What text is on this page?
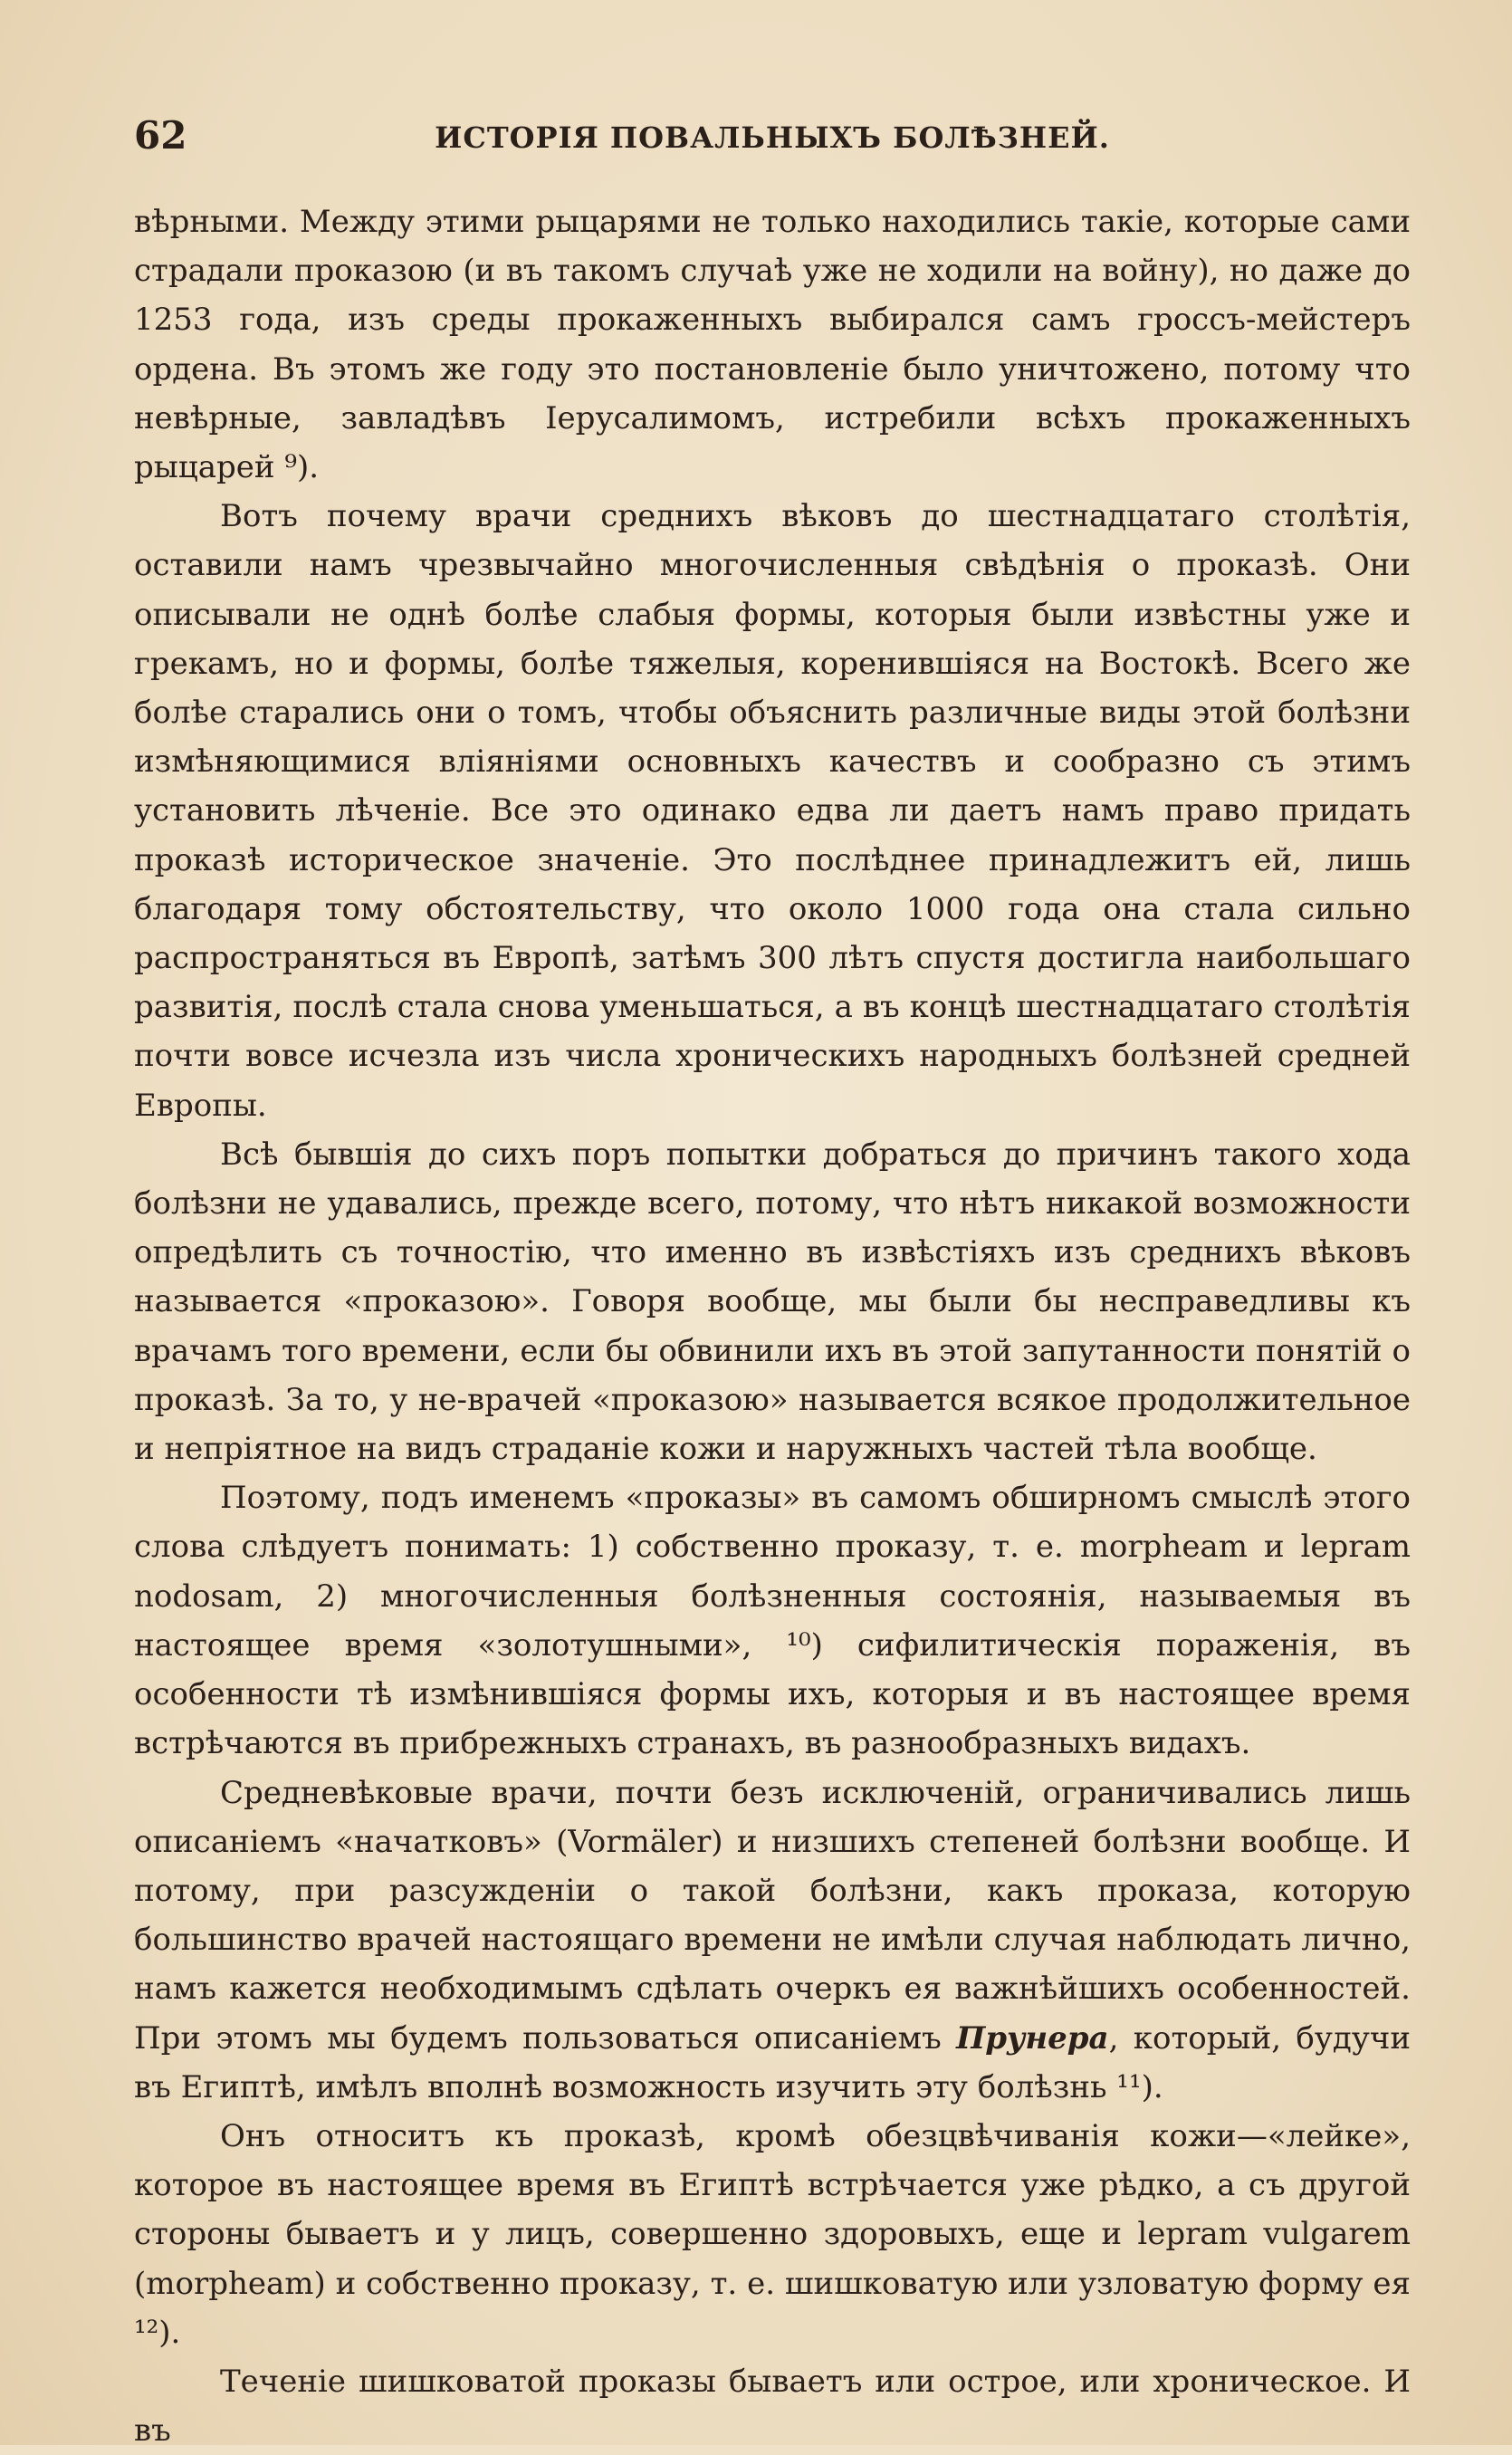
62	ИСТОРІЯ ПОВАЛЬНЫХЪ БОЛѢЗНЕЙ.

вѣрными. Между этими рыцарями не только находились такіе, которые сами страдали проказою (и въ такомъ случаѣ уже не ходили на войну), но даже до 1253 года, изъ среды прокаженныхъ выбирался самъ гроссъ-мейстеръ ордена. Въ этомъ же году это постановленіе было уничтожено, потому что невѣрные, завладѣвъ Іерусалимомъ, истребили всѣхъ прокаженныхъ рыцарей ⁹).

Вотъ почему врачи среднихъ вѣковъ до шестнадцатаго столѣтія, оставили намъ чрезвычайно многочисленныя свѣдѣнія о проказѣ. Они описывали не однѣ болѣе слабыя формы, которыя были извѣстны уже и грекамъ, но и формы, болѣе тяжелыя, коренившіяся на Востокѣ. Всего же болѣе старались они о томъ, чтобы объяснить различные виды этой болѣзни измѣняющимися вліяніями основныхъ качествъ и сообразно съ этимъ установить лѣченіе. Все это одинако едва ли даетъ намъ право придать проказѣ историческое значеніе. Это послѣднее принадлежитъ ей, лишь благодаря тому обстоятельству, что около 1000 года она стала сильно распространяться въ Европѣ, затѣмъ 300 лѣтъ спустя достигла наибольшаго развитія, послѣ стала снова уменьшаться, а въ концѣ шестнадцатаго столѣтія почти вовсе исчезла изъ числа хроническихъ народныхъ болѣзней средней Европы.

Всѣ бывшія до сихъ поръ попытки добраться до причинъ такого хода болѣзни не удавались, прежде всего, потому, что нѣтъ никакой возможности опредѣлить съ точностію, что именно въ извѣстіяхъ изъ среднихъ вѣковъ называется «проказою». Говоря вообще, мы были бы несправедливы къ врачамъ того времени, если бы обвинили ихъ въ этой запутанности понятій о проказѣ. За то, у не-врачей «проказою» называется всякое продолжительное и непріятное на видъ страданіе кожи и наружныхъ частей тѣла вообще.

Поэтому, подъ именемъ «проказы» въ самомъ обширномъ смыслѣ этого слова слѣдуетъ понимать: 1) собственно проказу, т. е. morpheam и lepram nodosam, 2) многочисленныя болѣзненныя состоянія, называемыя въ настоящее время «золотушными», ¹⁰) сифилитическія пораженія, въ особенности тѣ измѣнившіяся формы ихъ, которыя и въ настоящее время встрѣчаются въ прибрежныхъ странахъ, въ разнообразныхъ видахъ.

Средневѣковые врачи, почти безъ исключеній, ограничивались лишь описаніемъ «начатковъ» (Vormäler) и низшихъ степеней болѣзни вообще. И потому, при разсужденіи о такой болѣзни, какъ проказа, которую большинство врачей настоящаго времени не имѣли случая наблюдать лично, намъ кажется необходимымъ сдѣлать очеркъ ея важнѣйшихъ особенностей. При этомъ мы будемъ пользоваться описаніемъ Прунера, который, будучи въ Египтѣ, имѣлъ вполнѣ возможность изучить эту болѣзнь ¹¹).

Онъ относитъ къ проказѣ, кромѣ обезцвѣчиванія кожи—«лейке», которое въ настоящее время въ Египтѣ встрѣчается уже рѣдко, а съ другой стороны бываетъ и у лицъ, совершенно здоровыхъ, еще и lepram vulgarem (morpheam) и собственно проказу, т. е. шишковатую или узловатую форму ея ¹²).

Теченіе шишковатой проказы бываетъ или острое, или хроническое. И въ
